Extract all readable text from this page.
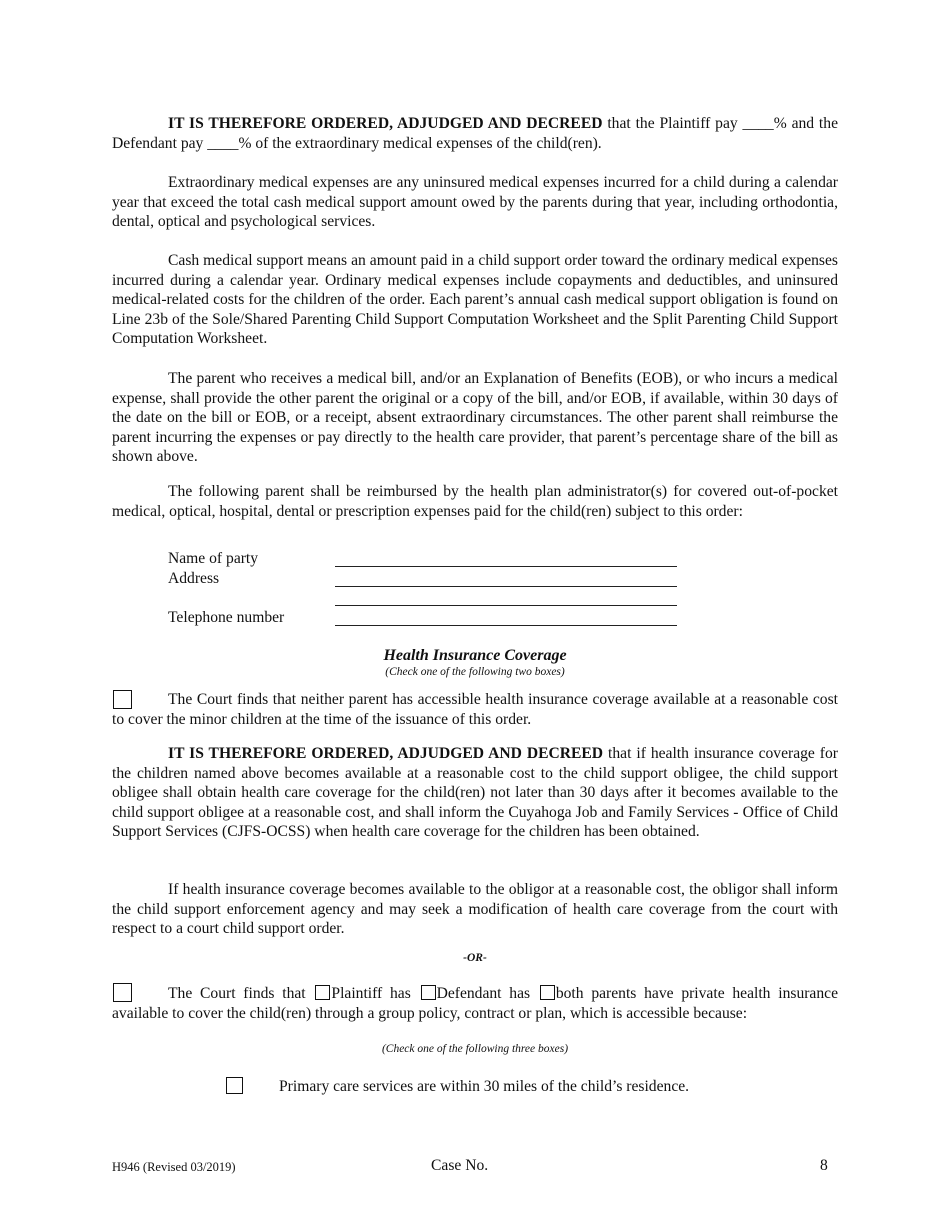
IT IS THEREFORE ORDERED, ADJUDGED AND DECREED that the Plaintiff pay ____% and the Defendant pay ____% of the extraordinary medical expenses of the child(ren).

Extraordinary medical expenses are any uninsured medical expenses incurred for a child during a calendar year that exceed the total cash medical support amount owed by the parents during that year, including orthodontia, dental, optical and psychological services.

Cash medical support means an amount paid in a child support order toward the ordinary medical expenses incurred during a calendar year. Ordinary medical expenses include copayments and deductibles, and uninsured medical-related costs for the children of the order. Each parent’s annual cash medical support obligation is found on Line 23b of the Sole/Shared Parenting Child Support Computation Worksheet and the Split Parenting Child Support Computation Worksheet.

The parent who receives a medical bill, and/or an Explanation of Benefits (EOB), or who incurs a medical expense, shall provide the other parent the original or a copy of the bill, and/or EOB, if available, within 30 days of the date on the bill or EOB, or a receipt, absent extraordinary circumstances. The other parent shall reimburse the parent incurring the expenses or pay directly to the health care provider, that parent’s percentage share of the bill as shown above.

The following parent shall be reimbursed by the health plan administrator(s) for covered out-of-pocket medical, optical, hospital, dental or prescription expenses paid for the child(ren) subject to this order:

Name of party
Address
Telephone number

Health Insurance Coverage

(Check one of the following two boxes)

The Court finds that neither parent has accessible health insurance coverage available at a reasonable cost to cover the minor children at the time of the issuance of this order.

IT IS THEREFORE ORDERED, ADJUDGED AND DECREED that if health insurance coverage for the children named above becomes available at a reasonable cost to the child support obligee, the child support obligee shall obtain health care coverage for the child(ren) not later than 30 days after it becomes available to the child support obligee at a reasonable cost, and shall inform the Cuyahoga Job and Family Services - Office of Child Support Services (CJFS-OCSS) when health care coverage for the children has been obtained.

If health insurance coverage becomes available to the obligor at a reasonable cost, the obligor shall inform the child support enforcement agency and may seek a modification of health care coverage from the court with respect to a court child support order.

-OR-

The Court finds that Plaintiff has Defendant has both parents have private health insurance available to cover the child(ren) through a group policy, contract or plan, which is accessible because:

(Check one of the following three boxes)

Primary care services are within 30 miles of the child’s residence.

H946 (Revised 03/2019)	Case No.	8
